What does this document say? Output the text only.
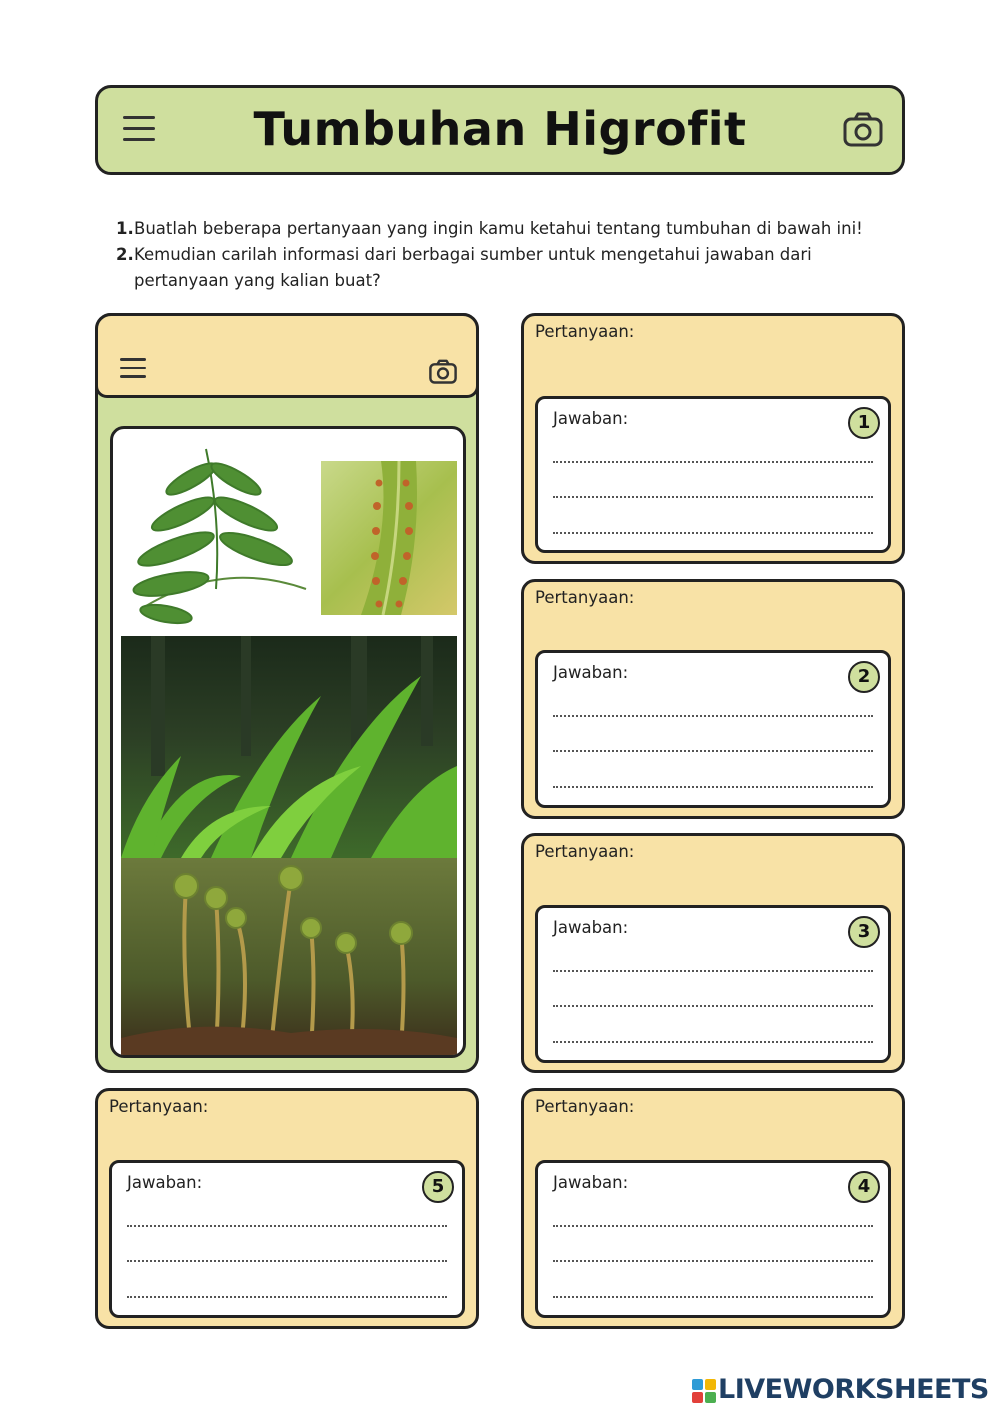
Tumbuhan Higrofit
1. Buatlah beberapa pertanyaan yang ingin kamu ketahui tentang tumbuhan di bawah ini!
2. Kemudian carilah informasi dari berbagai sumber untuk mengetahui jawaban dari pertanyaan yang kalian buat?
Pertanyaan:
Jawaban:	1
Pertanyaan:
Jawaban:	2
Pertanyaan:
Jawaban:	3
Pertanyaan:
Jawaban:	4
Pertanyaan:
Jawaban:	5
LIVEWORKSHEETS
